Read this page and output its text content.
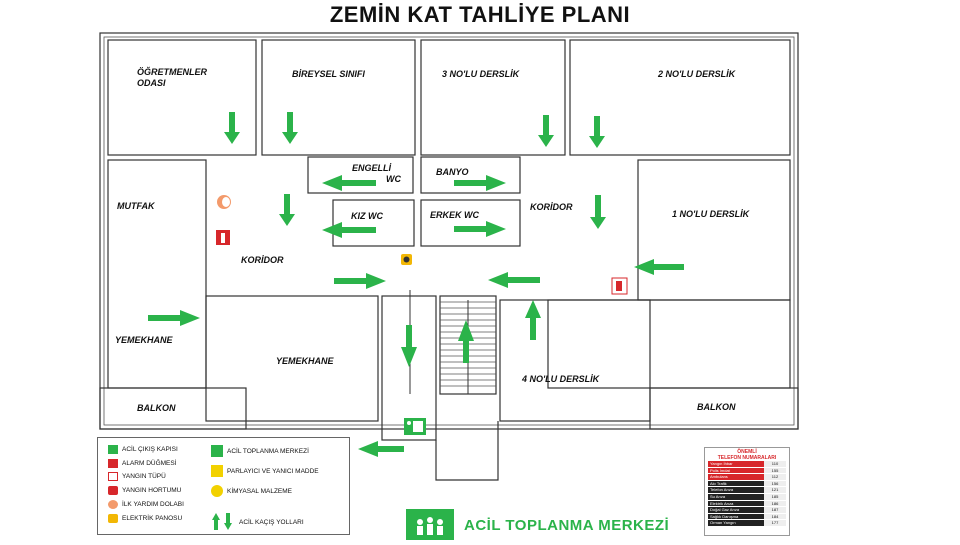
ZEMİN KAT TAHLİYE PLANI
ÖĞRETMENLER
ODASI
BİREYSEL SINIFI	3 NO'LU DERSLİK	2 NO'LU DERSLİK
ENGELLİ
WC
BANYO
MUTFAK
KIZ WC	ERKEK WC
KORİDOR
1 NO'LU DERSLİK
KORİDOR
YEMEKHANE
YEMEKHANE
4 NO'LU DERSLİK
BALKON	BALKON
ACİL ÇIKIŞ KAPISI
ALARM DÜĞMESİ
YANGIN TÜPÜ
YANGIN HORTUMU
İLK YARDIM DOLABI
ELEKTRİK PANOSU
ACİL TOPLANMA MERKEZİ
PARLAYICI VE YANICI MADDE
KİMYASAL MALZEME
ACİL KAÇIŞ YOLLARI
ÖNEMLİ
TELEFON NUMARALARI
Yangın İhbar	110
Polis İmdat	155
Ambulans	112
Alo Trafik	156
Telefon Arıza	121
Su Arıza	185
Elektrik Arıza	186
Doğal Gaz Arıza	187
Sağlık Danışma	184
Orman Yangın	177
ACİL TOPLANMA MERKEZİ
